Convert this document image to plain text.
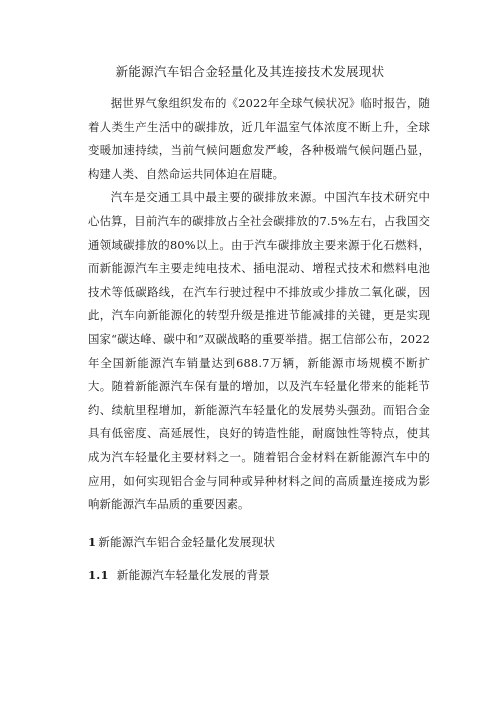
新能源汽车铝合金轻量化及其连接技术发展现状

据世界气象组织发布的《2022年全球气候状况》临时报告，随着人类生产生活中的碳排放，近几年温室气体浓度不断上升，全球变暖加速持续，当前气候问题愈发严峻，各种极端气候问题凸显，构建人类、自然命运共同体迫在眉睫。

汽车是交通工具中最主要的碳排放来源。中国汽车技术研究中心估算，目前汽车的碳排放占全社会碳排放的7.5%左右，占我国交通领域碳排放的80%以上。由于汽车碳排放主要来源于化石燃料，而新能源汽车主要走纯电技术、插电混动、增程式技术和燃料电池技术等低碳路线，在汽车行驶过程中不排放或少排放二氧化碳，因此，汽车向新能源化的转型升级是推进节能减排的关键，更是实现国家“碳达峰、碳中和”双碳战略的重要举措。据工信部公布，2022年全国新能源汽车销量达到688.7万辆，新能源市场规模不断扩大。随着新能源汽车保有量的增加，以及汽车轻量化带来的能耗节约、续航里程增加，新能源汽车轻量化的发展势头强劲。而铝合金具有低密度、高延展性，良好的铸造性能，耐腐蚀性等特点，使其成为汽车轻量化主要材料之一。随着铝合金材料在新能源汽车中的应用，如何实现铝合金与同种或异种材料之间的高质量连接成为影响新能源汽车品质的重要因素。

1 新能源汽车铝合金轻量化发展现状
1.1 新能源汽车轻量化发展的背景
